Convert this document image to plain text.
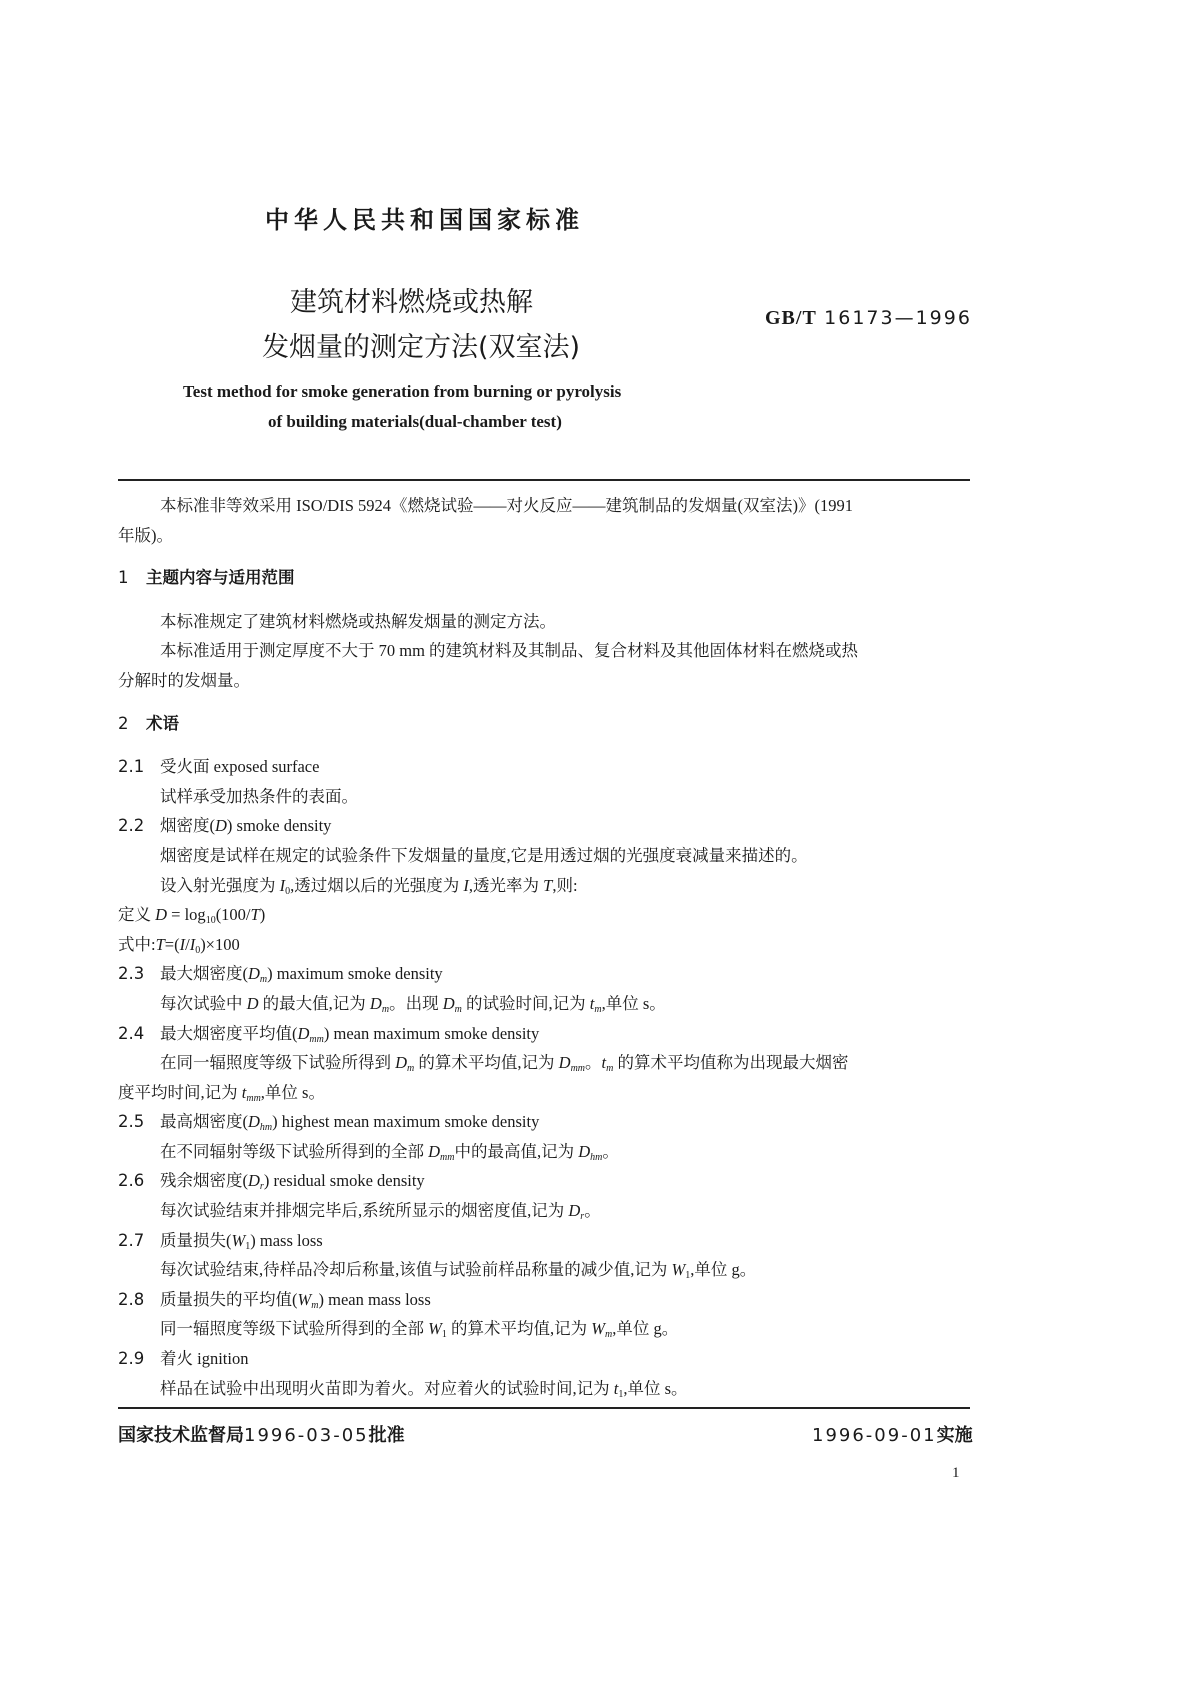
中华人民共和国国家标准
建筑材料燃烧或热解
发烟量的测定方法(双室法)
GB/T 16173—1996
Test method for smoke generation from burning or pyrolysis
of building materials(dual-chamber test)
本标准非等效采用 ISO/DIS 5924《燃烧试验——对火反应——建筑制品的发烟量(双室法)》(1991
年版)。
1 主题内容与适用范围
本标准规定了建筑材料燃烧或热解发烟量的测定方法。
本标准适用于测定厚度不大于 70 mm 的建筑材料及其制品、复合材料及其他固体材料在燃烧或热
分解时的发烟量。
2 术语
2.1 受火面 exposed surface
试样承受加热条件的表面。
2.2 烟密度(D) smoke density
烟密度是试样在规定的试验条件下发烟量的量度,它是用透过烟的光强度衰减量来描述的。
设入射光强度为 $I_0$,透过烟以后的光强度为 I,透光率为 T,则:
定义 $D = \log_{10}(100/T)$
式中$:T=(I/I_0)\times 100$
2.3 最大烟密度(Dm) maximum smoke density
每次试验中 D 的最大值,记为 Dm。出现 Dm 的试验时间,记为 tm,单位 s。
2.4 最大烟密度平均值(Dmm) mean maximum smoke density
在同一辐照度等级下试验所得到 Dm 的算术平均值,记为 Dmm。tm 的算术平均值称为出现最大烟密
度平均时间,记为 tmm,单位 s。
2.5 最高烟密度(Dhm) highest mean maximum smoke density
在不同辐射等级下试验所得到的全部 Dmm中的最高值,记为 Dhm。
2.6 残余烟密度(Dr) residual smoke density
每次试验结束并排烟完毕后,系统所显示的烟密度值,记为 Dr。
2.7 质量损失$(W_1)$ mass loss
每次试验结束,待样品冷却后称量,该值与试验前样品称量的减少值,记为 $W_1$,单位 g。
2.8 质量损失的平均值(Wm) mean mass loss
同一辐照度等级下试验所得到的全部 $W_1$ 的算术平均值,记为 Wm,单位 g。
2.9 着火 ignition
样品在试验中出现明火苗即为着火。对应着火的试验时间,记为 $t_1$,单位 s。
国家技术监督局1996-03-05批准	1996-09-01实施
1
